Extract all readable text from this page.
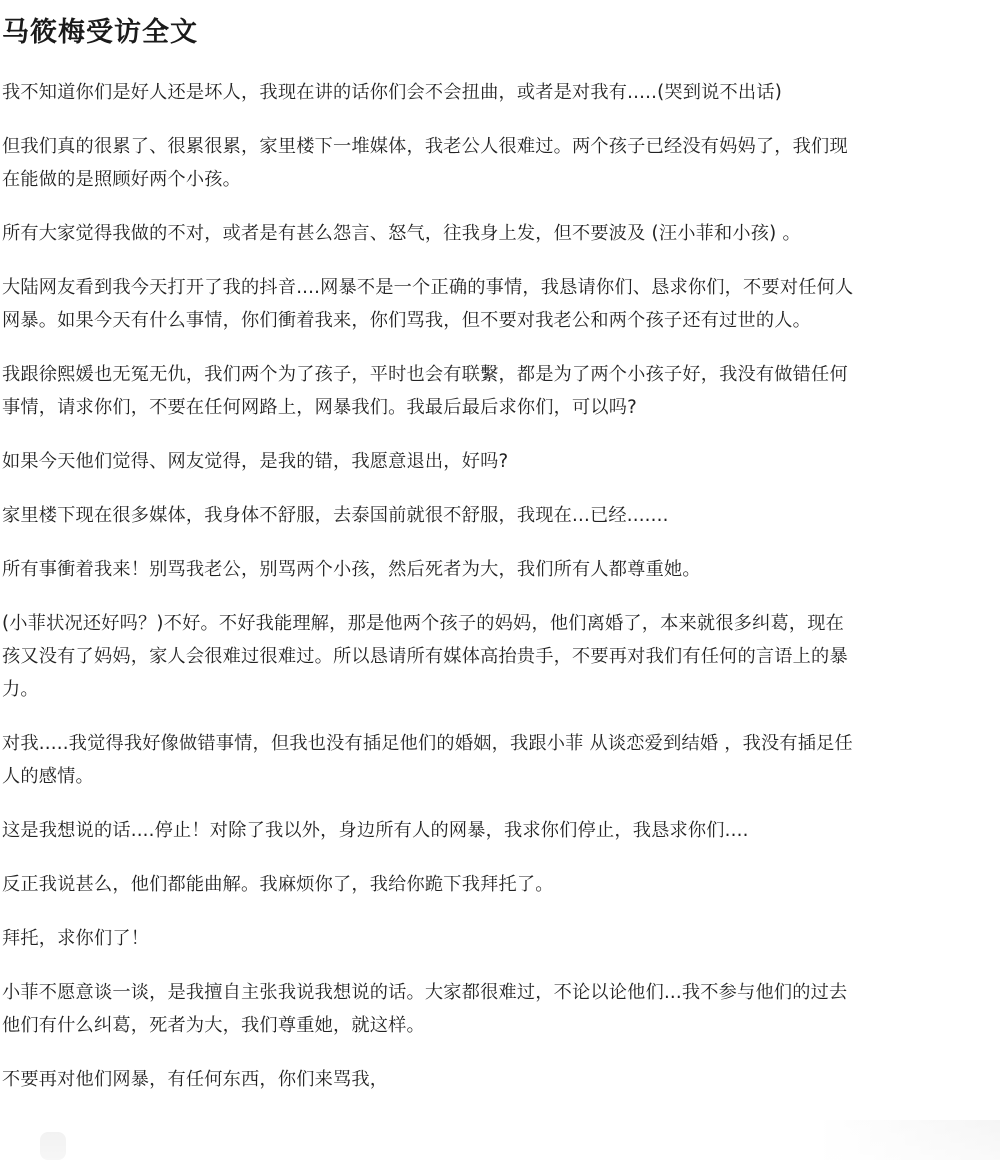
马筱梅受访全文

我不知道你们是好人还是坏人，我现在讲的话你们会不会扭曲，或者是对我有.....(哭到说不出话)

但我们真的很累了、很累很累，家里楼下一堆媒体，我老公人很难过。两个孩子已经没有妈妈了，我们现
在能做的是照顾好两个小孩。

所有大家觉得我做的不对，或者是有甚么怨言、怒气，往我身上发，但不要波及 (汪小菲和小孩) 。

大陆网友看到我今天打开了我的抖音....网暴不是一个正确的事情，我恳请你们、恳求你们，不要对任何人
网暴。如果今天有什么事情，你们衝着我来，你们骂我，但不要对我老公和两个孩子还有过世的人。

我跟徐熙媛也无冤无仇，我们两个为了孩子，平时也会有联繫，都是为了两个小孩子好，我没有做错任何
事情，请求你们，不要在任何网路上，网暴我们。我最后最后求你们，可以吗?

如果今天他们觉得、网友觉得，是我的错，我愿意退出，好吗?

家里楼下现在很多媒体，我身体不舒服，去泰国前就很不舒服，我现在...已经.......

所有事衝着我来！别骂我老公，别骂两个小孩，然后死者为大，我们所有人都尊重她。

(小菲状况还好吗？)不好。不好我能理解，那是他两个孩子的妈妈，他们离婚了，本来就很多纠葛，现在
孩又没有了妈妈，家人会很难过很难过。所以恳请所有媒体高抬贵手，不要再对我们有任何的言语上的暴
力。

对我.....我觉得我好像做错事情，但我也没有插足他们的婚姻，我跟小菲 从谈恋爱到结婚 ，我没有插足任
人的感情。

这是我想说的话....停止！对除了我以外，身边所有人的网暴，我求你们停止，我恳求你们....

反正我说甚么，他们都能曲解。我麻烦你了，我给你跪下我拜托了。

拜托，求你们了！

小菲不愿意谈一谈，是我擅自主张我说我想说的话。大家都很难过，不论以论他们...我不参与他们的过去
他们有什么纠葛，死者为大，我们尊重她，就这样。

不要再对他们网暴，有任何东西，你们来骂我，
